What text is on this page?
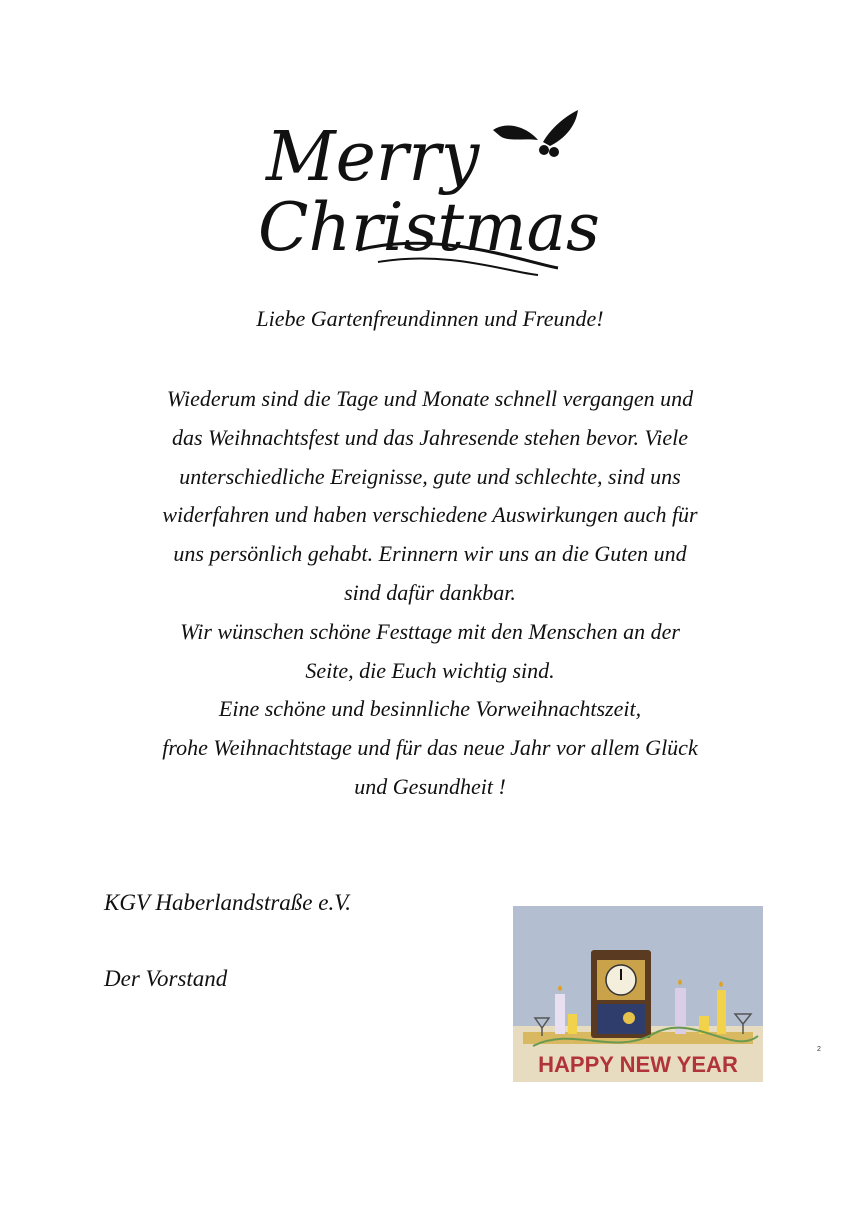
Merry
Christmas

Liebe Gartenfreundinnen und Freunde!

Wiederum sind die Tage und Monate schnell vergangen und
das Weihnachtsfest und das Jahresende stehen bevor. Viele
unterschiedliche Ereignisse, gute und schlechte, sind uns
widerfahren und haben verschiedene Auswirkungen auch für
uns persönlich gehabt. Erinnern wir uns an die Guten und
sind dafür dankbar.
Wir wünschen schöne Festtage mit den Menschen an der
Seite, die Euch wichtig sind.
Eine schöne und besinnliche Vorweihnachtszeit,
frohe Weihnachtstage und für das neue Jahr vor allem Glück
und Gesundheit !

KGV Haberlandstraße e.V.

Der Vorstand

HAPPY NEW YEAR

2
